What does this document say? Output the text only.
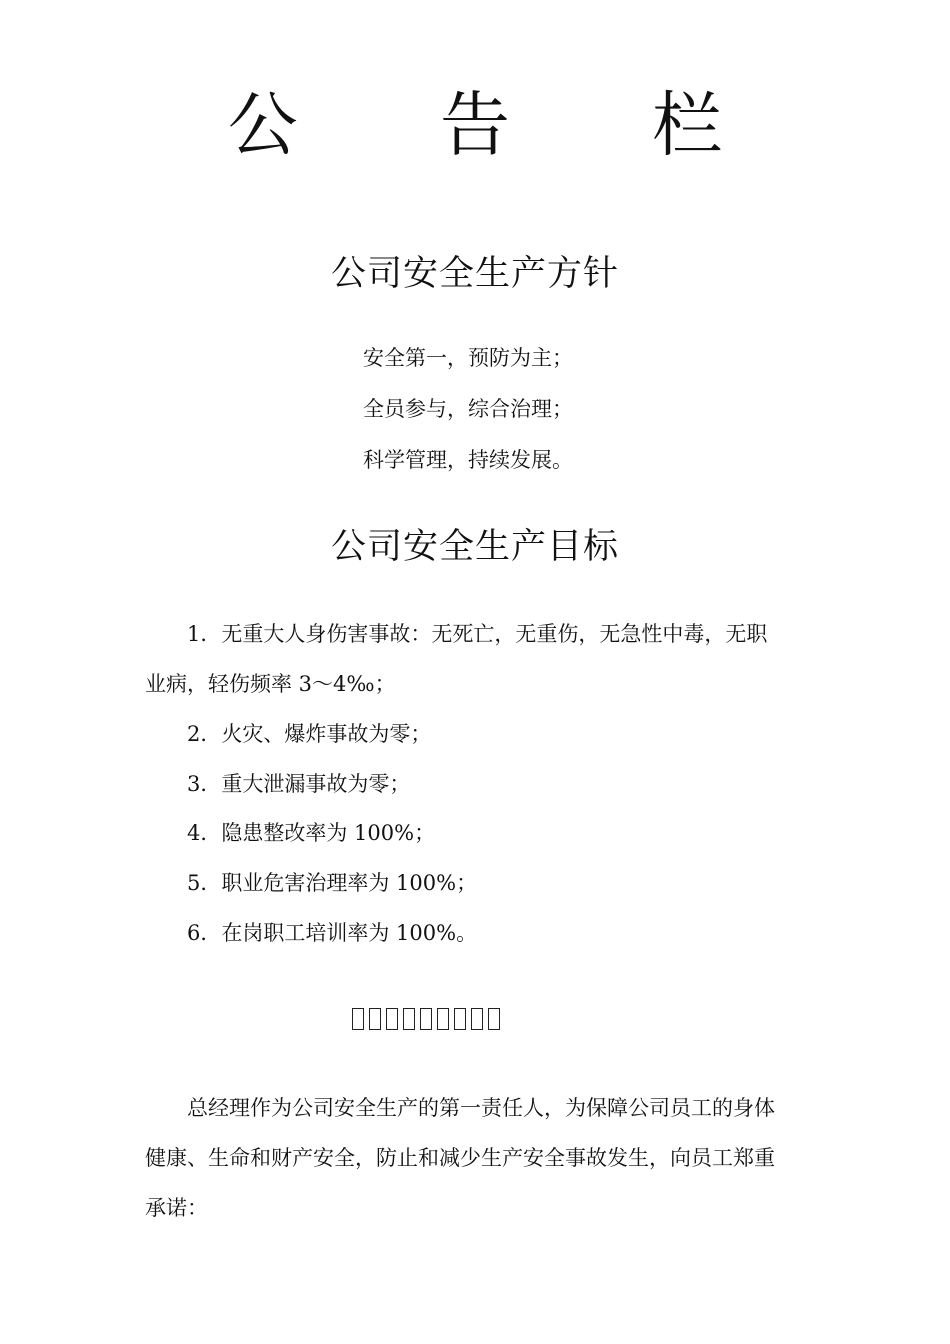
公 告 栏
公司安全生产方针

安全第一，预防为主；

全员参与，综合治理；

科学管理，持续发展。

公司安全生产目标

1．无重大人身伤害事故：无死亡，无重伤，无急性中毒，无职

业病，轻伤频率 3～4‰；

2．火灾、爆炸事故为零；

3．重大泄漏事故为零；

4．隐患整改率为 100%；

5．职业危害治理率为 100%；

6．在岗职工培训率为 100%。

总经理作为公司安全生产的第一责任人，为保障公司员工的身体

健康、生命和财产安全，防止和减少生产安全事故发生，向员工郑重

承诺：
